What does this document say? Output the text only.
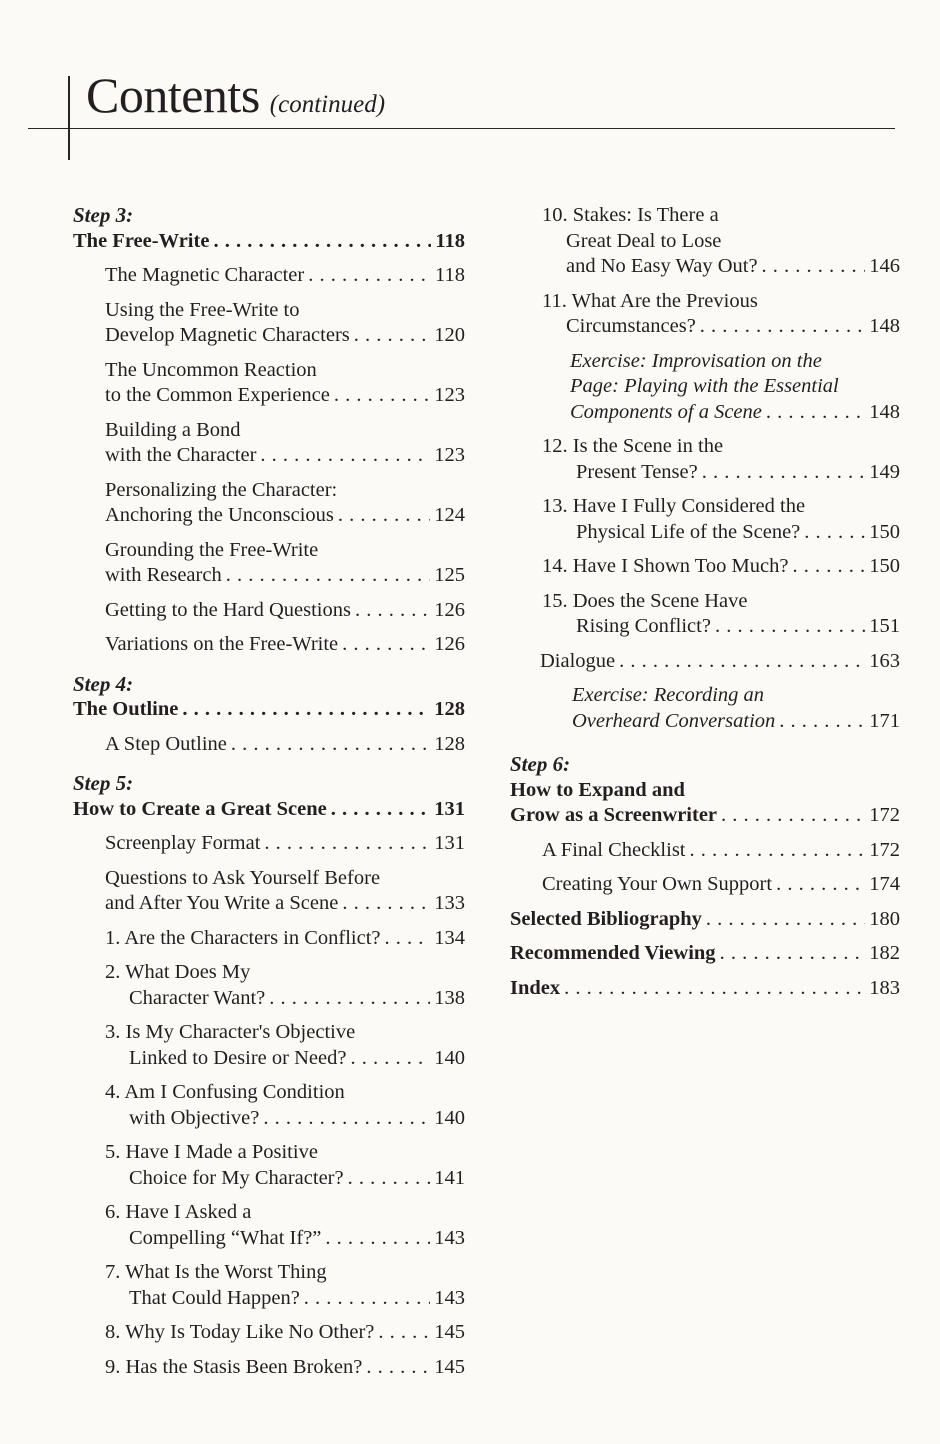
Contents (continued)
Step 3:
The Free-Write . . .	118
The Magnetic Character . . .	118
Using the Free-Write to
Develop Magnetic Characters . . .	120
The Uncommon Reaction
to the Common Experience . . .	123
Building a Bond
with the Character . . .	123
Personalizing the Character:
Anchoring the Unconscious . . .	124
Grounding the Free-Write
with Research . . .	125
Getting to the Hard Questions . . .	126
Variations on the Free-Write . . .	126
Step 4:
The Outline . . .	128
A Step Outline . . .	128
Step 5:
How to Create a Great Scene . . .	131
Screenplay Format . . .	131
Questions to Ask Yourself Before
and After You Write a Scene . . .	133
1. Are the Characters in Conflict? . . .	134
2. What Does My
Character Want? . . .	138
3. Is My Character's Objective
Linked to Desire or Need? . . .	140
4. Am I Confusing Condition
with Objective? . . .	140
5. Have I Made a Positive
Choice for My Character? . . .	141
6. Have I Asked a
Compelling “What If?” . . .	143
7. What Is the Worst Thing
That Could Happen? . . .	143
8. Why Is Today Like No Other? . . .	145
9. Has the Stasis Been Broken? . . .	145
10. Stakes: Is There a
Great Deal to Lose
and No Easy Way Out? . . .	146
11. What Are the Previous
Circumstances? . . .	148
Exercise: Improvisation on the
Page: Playing with the Essential
Components of a Scene . . .	148
12. Is the Scene in the
Present Tense? . . .	149
13. Have I Fully Considered the
Physical Life of the Scene? . . .	150
14. Have I Shown Too Much? . . .	150
15. Does the Scene Have
Rising Conflict? . . .	151
Dialogue . . .	163
Exercise: Recording an
Overheard Conversation . . .	171
Step 6:
How to Expand and
Grow as a Screenwriter . . .	172
A Final Checklist . . .	172
Creating Your Own Support . . .	174
Selected Bibliography . . .	180
Recommended Viewing . . .	182
Index . . .	183
